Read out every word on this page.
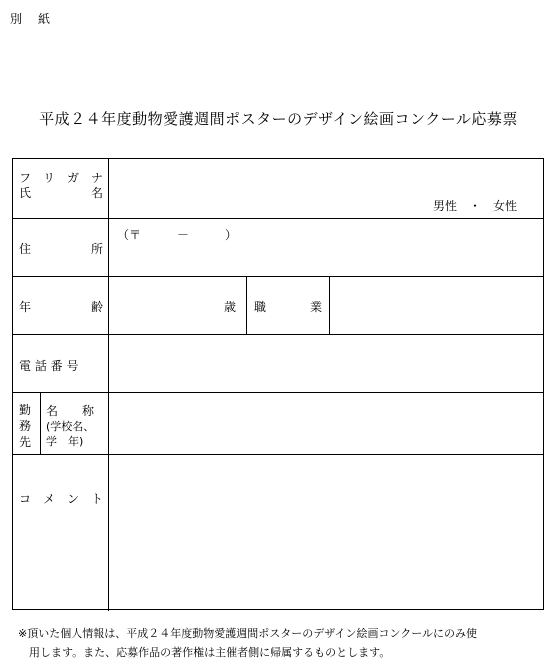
別　紙
平成２４年度動物愛護週間ポスターのデザイン絵画コンクール応募票
フ　リ　ガ　ナ
氏	名
男性　・　女性
住	所
（〒　　　－　　　）
年	齢	歳 職	業
電 話 番 号
勤
務
先
名　　称
(学校名、
学　年)
コ　メ　ン　ト
※頂いた個人情報は、平成２４年度動物愛護週間ポスターのデザイン絵画コンクールにのみ使
　用します。また、応募作品の著作権は主催者側に帰属するものとします。
